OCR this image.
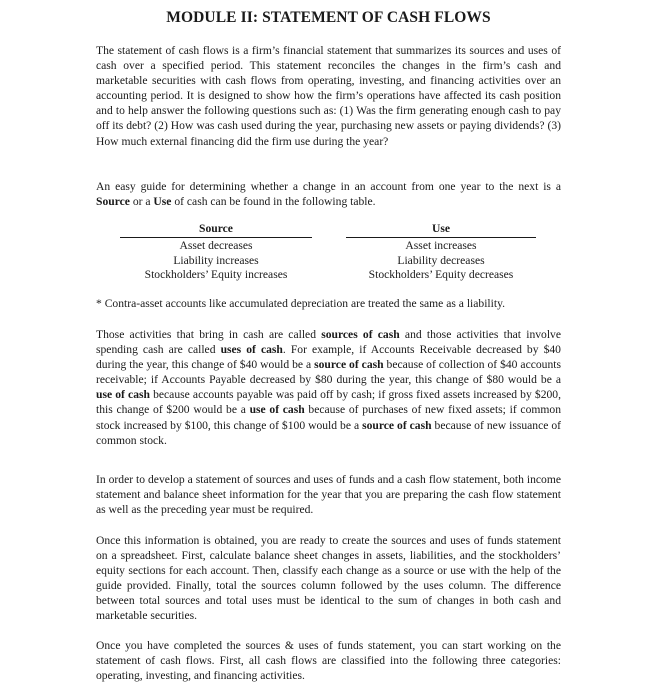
MODULE II: STATEMENT OF CASH FLOWS

The statement of cash flows is a firm’s financial statement that summarizes its sources and uses of cash over a specified period. This statement reconciles the changes in the firm’s cash and marketable securities with cash flows from operating, investing, and financing activities over an accounting period. It is designed to show how the firm’s operations have affected its cash position and to help answer the following questions such as: (1) Was the firm generating enough cash to pay off its debt? (2) How was cash used during the year, purchasing new assets or paying dividends? (3) How much external financing did the firm use during the year?

An easy guide for determining whether a change in an account from one year to the next is a Source or a Use of cash can be found in the following table.

Source
Asset decreases
Liability increases
Stockholders’ Equity increases
Use
Asset increases
Liability decreases
Stockholders’ Equity decreases

* Contra-asset accounts like accumulated depreciation are treated the same as a liability.

Those activities that bring in cash are called sources of cash and those activities that involve spending cash are called uses of cash. For example, if Accounts Receivable decreased by $40 during the year, this change of $40 would be a source of cash because of collection of $40 accounts receivable; if Accounts Payable decreased by $80 during the year, this change of $80 would be a use of cash because accounts payable was paid off by cash; if gross fixed assets increased by $200, this change of $200 would be a use of cash because of purchases of new fixed assets; if common stock increased by $100, this change of $100 would be a source of cash because of new issuance of common stock.

In order to develop a statement of sources and uses of funds and a cash flow statement, both income statement and balance sheet information for the year that you are preparing the cash flow statement as well as the preceding year must be required.

Once this information is obtained, you are ready to create the sources and uses of funds statement on a spreadsheet. First, calculate balance sheet changes in assets, liabilities, and the stockholders’ equity sections for each account. Then, classify each change as a source or use with the help of the guide provided. Finally, total the sources column followed by the uses column. The difference between total sources and total uses must be identical to the sum of changes in both cash and marketable securities.

Once you have completed the sources & uses of funds statement, you can start working on the statement of cash flows. First, all cash flows are classified into the following three categories: operating, investing, and financing activities.
